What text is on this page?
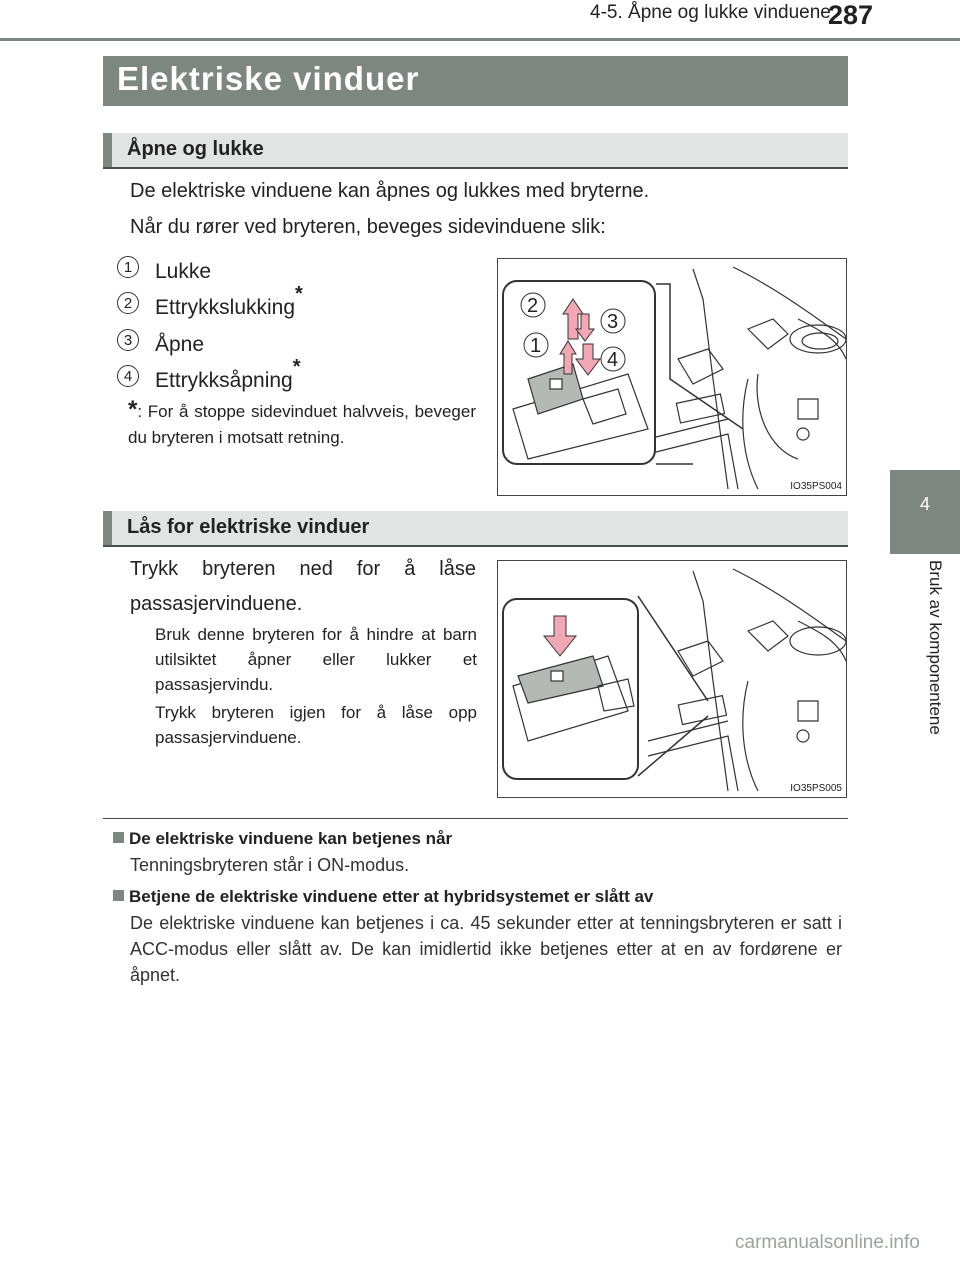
4-5. Åpne og lukke vinduene
287
4
Bruk av komponentene
Elektriske vinduer
Åpne og lukke
De elektriske vinduene kan åpnes og lukkes med bryterne.
Når du rører ved bryteren, beveges sidevinduene slik:
1	Lukke
2	Ettrykkslukking*
3	Åpne
4	Ettrykksåpning*
*: For å stoppe sidevinduet halvveis, beveger du bryteren i motsatt retning.
2
3
1
4
IO35PS004
Lås for elektriske vinduer
Trykk bryteren ned for å låse passasjervinduene.
Bruk denne bryteren for å hindre at barn utilsiktet åpner eller lukker et passasjervindu.
Trykk bryteren igjen for å låse opp passasjervinduene.
IO35PS005
De elektriske vinduene kan betjenes når
Tenningsbryteren står i ON-modus.
Betjene de elektriske vinduene etter at hybridsystemet er slått av
De elektriske vinduene kan betjenes i ca. 45 sekunder etter at tenningsbryteren er satt i ACC-modus eller slått av. De kan imidlertid ikke betjenes etter at en av fordørene er åpnet.
carmanualsonline.info
